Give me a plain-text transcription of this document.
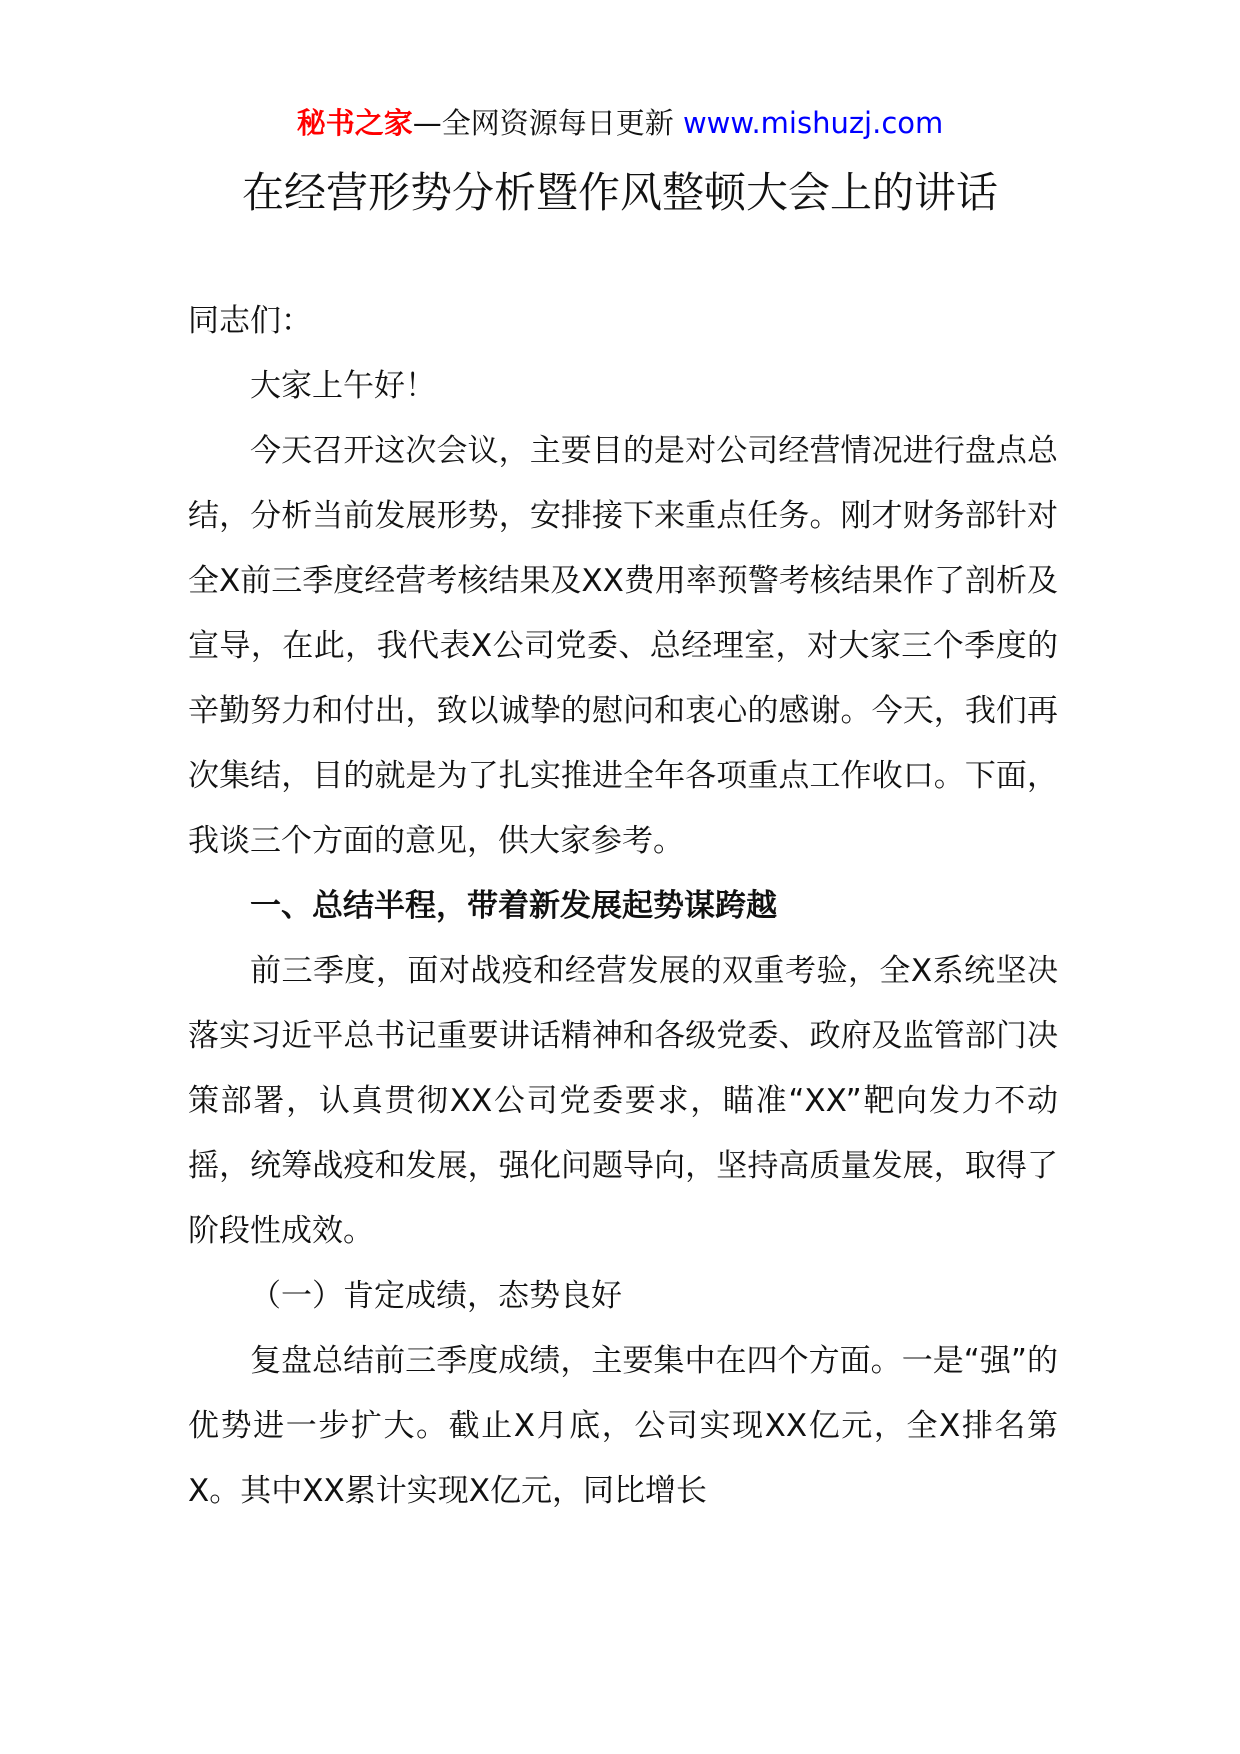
秘书之家—全网资源每日更新 www.mishuzj.com
在经营形势分析暨作风整顿大会上的讲话

同志们：

大家上午好！

今天召开这次会议，主要目的是对公司经营情况进行盘点总结，分析当前发展形势，安排接下来重点任务。刚才财务部针对全X前三季度经营考核结果及XX费用率预警考核结果作了剖析及宣导，在此，我代表X公司党委、总经理室，对大家三个季度的辛勤努力和付出，致以诚挚的慰问和衷心的感谢。今天，我们再次集结，目的就是为了扎实推进全年各项重点工作收口。下面，我谈三个方面的意见，供大家参考。

一、总结半程，带着新发展起势谋跨越

前三季度，面对战疫和经营发展的双重考验，全X系统坚决落实习近平总书记重要讲话精神和各级党委、政府及监管部门决策部署，认真贯彻XX公司党委要求，瞄准“XX”靶向发力不动摇，统筹战疫和发展，强化问题导向，坚持高质量发展，取得了阶段性成效。

（一）肯定成绩，态势良好

复盘总结前三季度成绩，主要集中在四个方面。一是“强”的优势进一步扩大。截止X月底，公司实现XX亿元，全X排名第X。其中XX累计实现X亿元，同比增长
